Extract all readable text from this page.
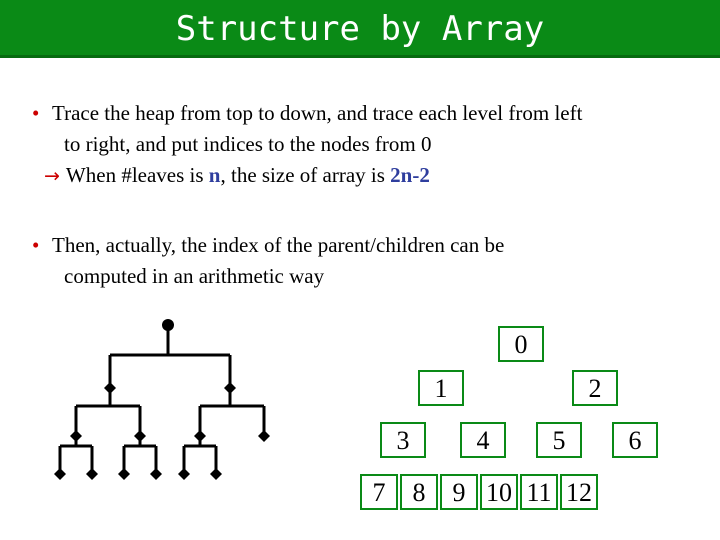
Structure by Array
• Trace the heap from top to down, and trace each level from left
to right, and put indices to the nodes from 0
→ When #leaves is n, the size of array is 2n-2
• Then, actually, the index of the parent/children can be
computed in an arithmetic way
0
1	2
3	4	5	6
7	8	9 10 11 12
